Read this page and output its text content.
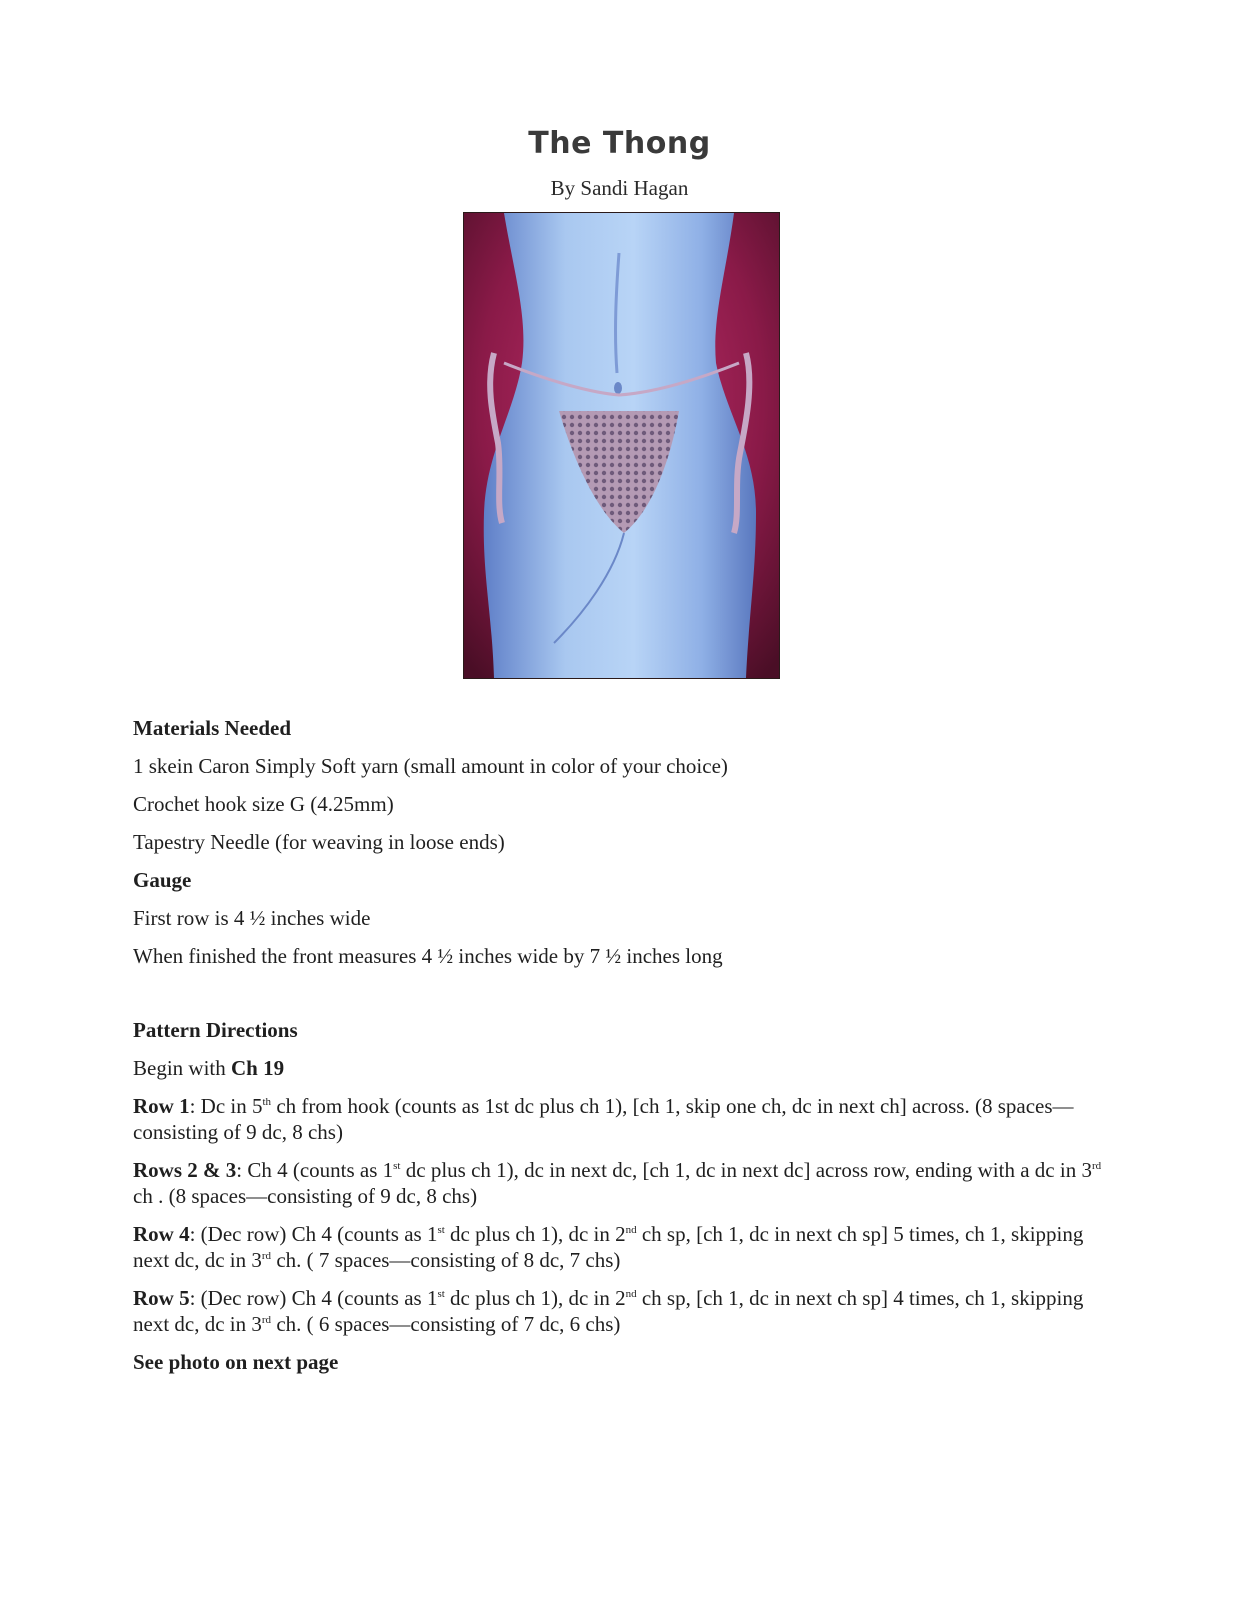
The Thong
By Sandi Hagan

Materials Needed

1 skein Caron Simply Soft yarn (small amount in color of your choice)

Crochet hook size G (4.25mm)

Tapestry Needle (for weaving in loose ends)

Gauge

First row is 4 ½ inches wide

When finished the front measures 4 ½ inches wide by 7 ½ inches long

Pattern Directions

Begin with Ch 19

Row 1: Dc in 5th ch from hook (counts as 1st dc plus ch 1), [ch 1, skip one ch, dc in next ch] across. (8 spaces—consisting of 9 dc, 8 chs)

Rows 2 & 3: Ch 4 (counts as 1st dc plus ch 1), dc in next dc, [ch 1, dc in next dc] across row, ending with a dc in 3rd ch . (8 spaces—consisting of 9 dc, 8 chs)

Row 4: (Dec row) Ch 4 (counts as 1st dc plus ch 1), dc in 2nd ch sp, [ch 1, dc in next ch sp] 5 times, ch 1, skipping next dc, dc in 3rd ch. ( 7 spaces—consisting of 8 dc, 7 chs)

Row 5: (Dec row) Ch 4 (counts as 1st dc plus ch 1), dc in 2nd ch sp, [ch 1, dc in next ch sp] 4 times, ch 1, skipping next dc, dc in 3rd ch. ( 6 spaces—consisting of 7 dc, 6 chs)

See photo on next page
